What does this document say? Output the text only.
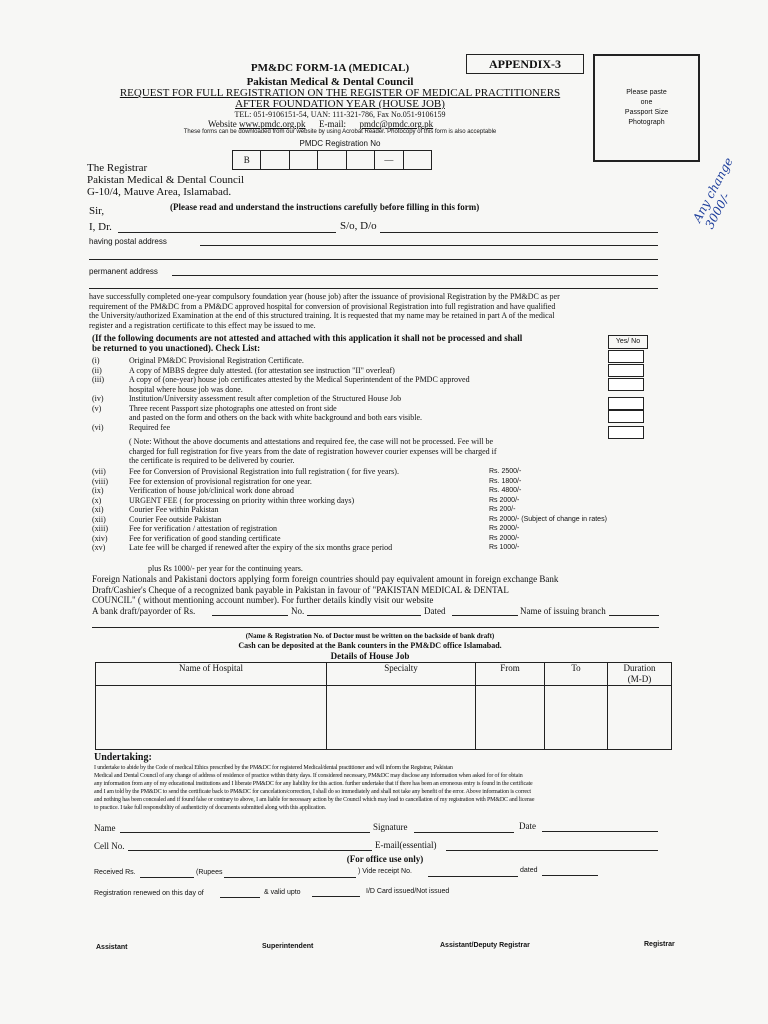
PM&DC FORM-1A (MEDICAL)
Pakistan Medical & Dental Council
REQUEST FOR FULL REGISTRATION ON THE REGISTER OF MEDICAL PRACTITIONERS
AFTER FOUNDATION YEAR (HOUSE JOB)
TEL: 051-9106151-54, UAN: 111-321-786, Fax No.051-9106159
Website www.pmdc.org.pk E-mail: pmdc@pmdc.org.pk
These forms can be downloaded from our website by using Acrobat Reader. Photocopy of this form is also acceptable
APPENDIX-3
PMDC Registration No
B	—
Please paste
one
Passport Size
Photograph
Any change 3000/-
The Registrar
Pakistan Medical & Dental Council
G-10/4, Mauve Area, Islamabad.
Sir,	(Please read and understand the instructions carefully before filling in this form)
I, Dr.	S/o, D/o
having postal address
permanent address
have successfully completed one-year compulsory foundation year (house job) after the issuance of provisional Registration by the PM&DC as per
requirement of the PM&DC from a PM&DC approved hospital for conversion of provisional Registration into full registration and have qualified
the University/authorized Examination at the end of this structured training. It is requested that my name may be retained in part A of the medical
register and a registration certificate to this effect may be issued to me.
(If the following documents are not attested and attached with this application it shall not be processed and shall
be returned to you unactioned). Check List:
Yes/ No
(i)	Original PM&DC Provisional Registration Certificate.
(ii)	A copy of MBBS degree duly attested. (for attestation see instruction "II" overleaf)
(iii)	A copy of (one-year) house job certificates attested by the Medical Superintendent of the PMDC approved
hospital where house job was done.
(iv)	Institution/University assessment result after completion of the Structured House Job
(v)	Three recent Passport size photographs one attested on front side
and pasted on the form and others on the back with white background and both ears visible.
(vi)	Required fee
( Note: Without the above documents and attestations and required fee, the case will not be processed. Fee will be
charged for full registration for five years from the date of registration however courier expenses will be charged if
the certificate is required to be delivered by courier.
(vii)	Fee for Conversion of Provisional Registration into full registration ( for five years).	Rs. 2500/-
(viii)	Fee for extension of provisional registration for one year.	Rs. 1800/-
(ix)	Verification of house job/clinical work done abroad	Rs. 4800/-
(x)	URGENT FEE ( for processing on priority within three working days)	Rs 2000/-
(xi)	Courier Fee within Pakistan	Rs 200/-
(xii)	Courier Fee outside Pakistan	Rs 2000/- (Subject of change in rates)
(xiii)	Fee for verification / attestation of registration	Rs 2000/-
(xiv)	Fee for verification of good standing certificate	Rs 2000/-
(xv)	Late fee will be charged if renewed after the expiry of the six months grace period	Rs 1000/-
plus Rs 1000/- per year for the continuing years.
Foreign Nationals and Pakistani doctors applying form foreign countries should pay equivalent amount in foreign exchange Bank
Draft/Cashier's Cheque of a recognized bank payable in Pakistan in favour of "PAKISTAN MEDICAL & DENTAL
COUNCIL" ( without mentioning account number). For further details kindly visit our website
A bank draft/payorder of Rs.	No.	Dated	Name of issuing branch
(Name & Registration No. of Doctor must be written on the backside of bank draft)
Cash can be deposited at the Bank counters in the PM&DC office Islamabad.
Details of House Job
Name of Hospital	Specialty	From	To	Duration
(M-D)

Undertaking:
I undertake to abide by the Code of medical Ethics prescribed by the PM&DC for registered Medical/dental practitioner and will inform the Registrar, Pakistan
Medical and Dental Council of any change of address of residence of practice within thirty days. If considered necessary, PM&DC may disclose any information when asked for of for obtain
any information from any of my educational institutions and I liberate PM&DC for any liability for this action. further undertake that if there has been an erroneous entry is found in the certificate
and I am told by the PM&DC to send the certificate back to PM&DC for cancelation/correction, I shall do so immediately and shall not take any benefit of the error. Above information is correct
and nothing has been concealed and if found false or contrary to above, I am liable for necessary action by the Council which may lead to cancellation of my registration with PM&DC and license
to practice. I take full responsibility of authenticity of documents submitted along with this application.
Name	Signature	Date
Cell No.	E-mail(essential)
(For office use only)
Received Rs.	(Rupees	) Vide receipt No.	dated
Registration renewed on this day of	& valid upto	I/D Card issued/Not issued
Assistant	Superintendent	Assistant/Deputy Registrar	Registrar
